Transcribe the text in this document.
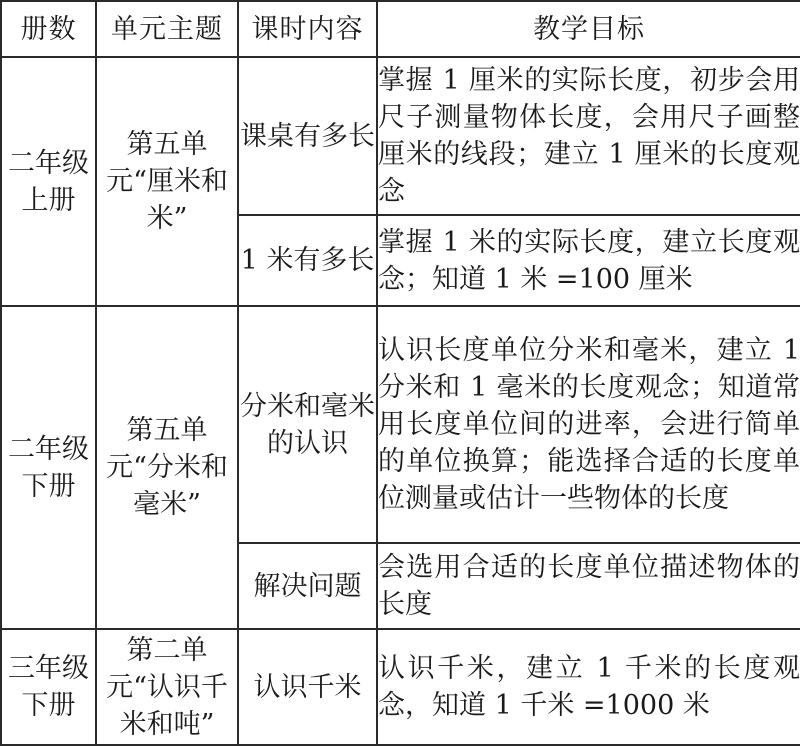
册数	单元主题	课时内容	教学目标
二年级上册	第五单元“厘米和米”	课桌有多长	掌握 1 厘米的实际长度，初步会用尺子测量物体长度，会用尺子画整厘米的线段；建立 1 厘米的长度观念

		1 米有多长	掌握 1 米的实际长度，建立长度观念；知道 1 米 =100 厘米

二年级下册	第五单元“分米和毫米”	分米和毫米的认识	认识长度单位分米和毫米，建立 1 分米和 1 毫米的长度观念；知道常用长度单位间的进率，会进行简单的单位换算；能选择合适的长度单位测量或估计一些物体的长度

		解决问题	会选用合适的长度单位描述物体的长度

三年级下册	第二单元“认识千米和吨”	认识千米	认识千米，建立 1 千米的长度观念，知道 1 千米 =1000 米
